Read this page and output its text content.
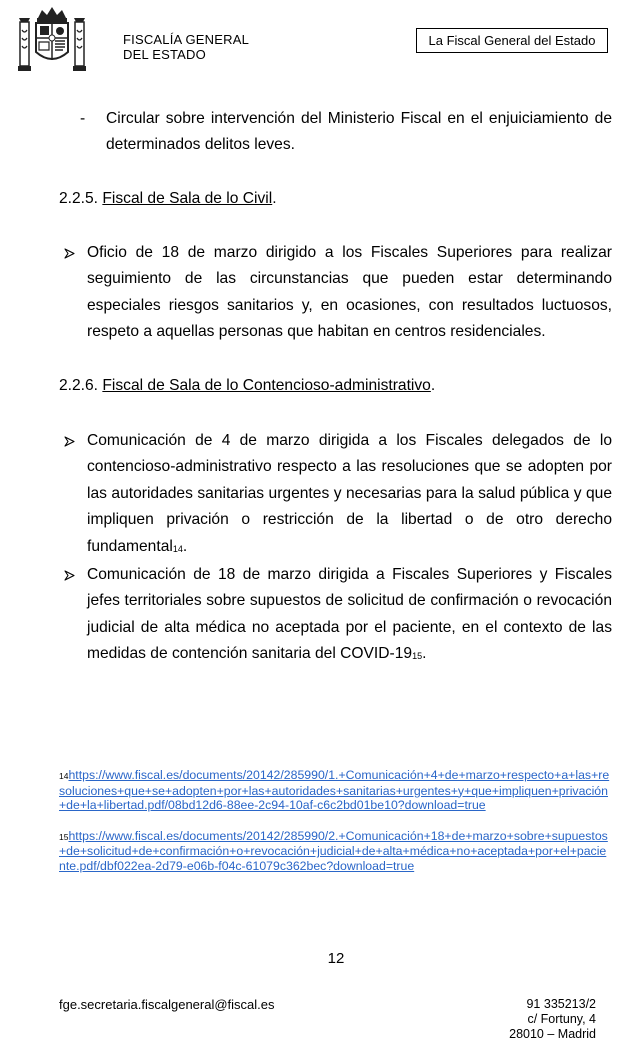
FISCALÍA GENERAL
DEL ESTADO
La Fiscal General del Estado
- Circular sobre intervención del Ministerio Fiscal en el enjuiciamiento de determinados delitos leves.
2.2.5. Fiscal de Sala de lo Civil.
Oficio de 18 de marzo dirigido a los Fiscales Superiores para realizar seguimiento de las circunstancias que pueden estar determinando especiales riesgos sanitarios y, en ocasiones, con resultados luctuosos, respeto a aquellas personas que habitan en centros residenciales.
2.2.6. Fiscal de Sala de lo Contencioso-administrativo.
Comunicación de 4 de marzo dirigida a los Fiscales delegados de lo contencioso-administrativo respecto a las resoluciones que se adopten por las autoridades sanitarias urgentes y necesarias para la salud pública y que impliquen privación o restricción de la libertad o de otro derecho fundamental14.
Comunicación de 18 de marzo dirigida a Fiscales Superiores y Fiscales jefes territoriales sobre supuestos de solicitud de confirmación o revocación judicial de alta médica no aceptada por el paciente, en el contexto de las medidas de contención sanitaria del COVID-1915.

14https://www.fiscal.es/documents/20142/285990/1.+Comunicación+4+de+marzo+respecto+a+las+resoluciones+que+se+adopten+por+las+autoridades+sanitarias+urgentes+y+que+impliquen+privación+de+la+libertad.pdf/08bd12d6-88ee-2c94-10af-c6c2bd01be10?download=true

15https://www.fiscal.es/documents/20142/285990/2.+Comunicación+18+de+marzo+sobre+supuestos+de+solicitud+de+confirmación+o+revocación+judicial+de+alta+médica+no+aceptada+por+el+paciente.pdf/dbf022ea-2d79-e06b-f04c-61079c362bec?download=true

12
fge.secretaria.fiscalgeneral@fiscal.es	91 335213/2
c/ Fortuny, 4
28010 – Madrid
